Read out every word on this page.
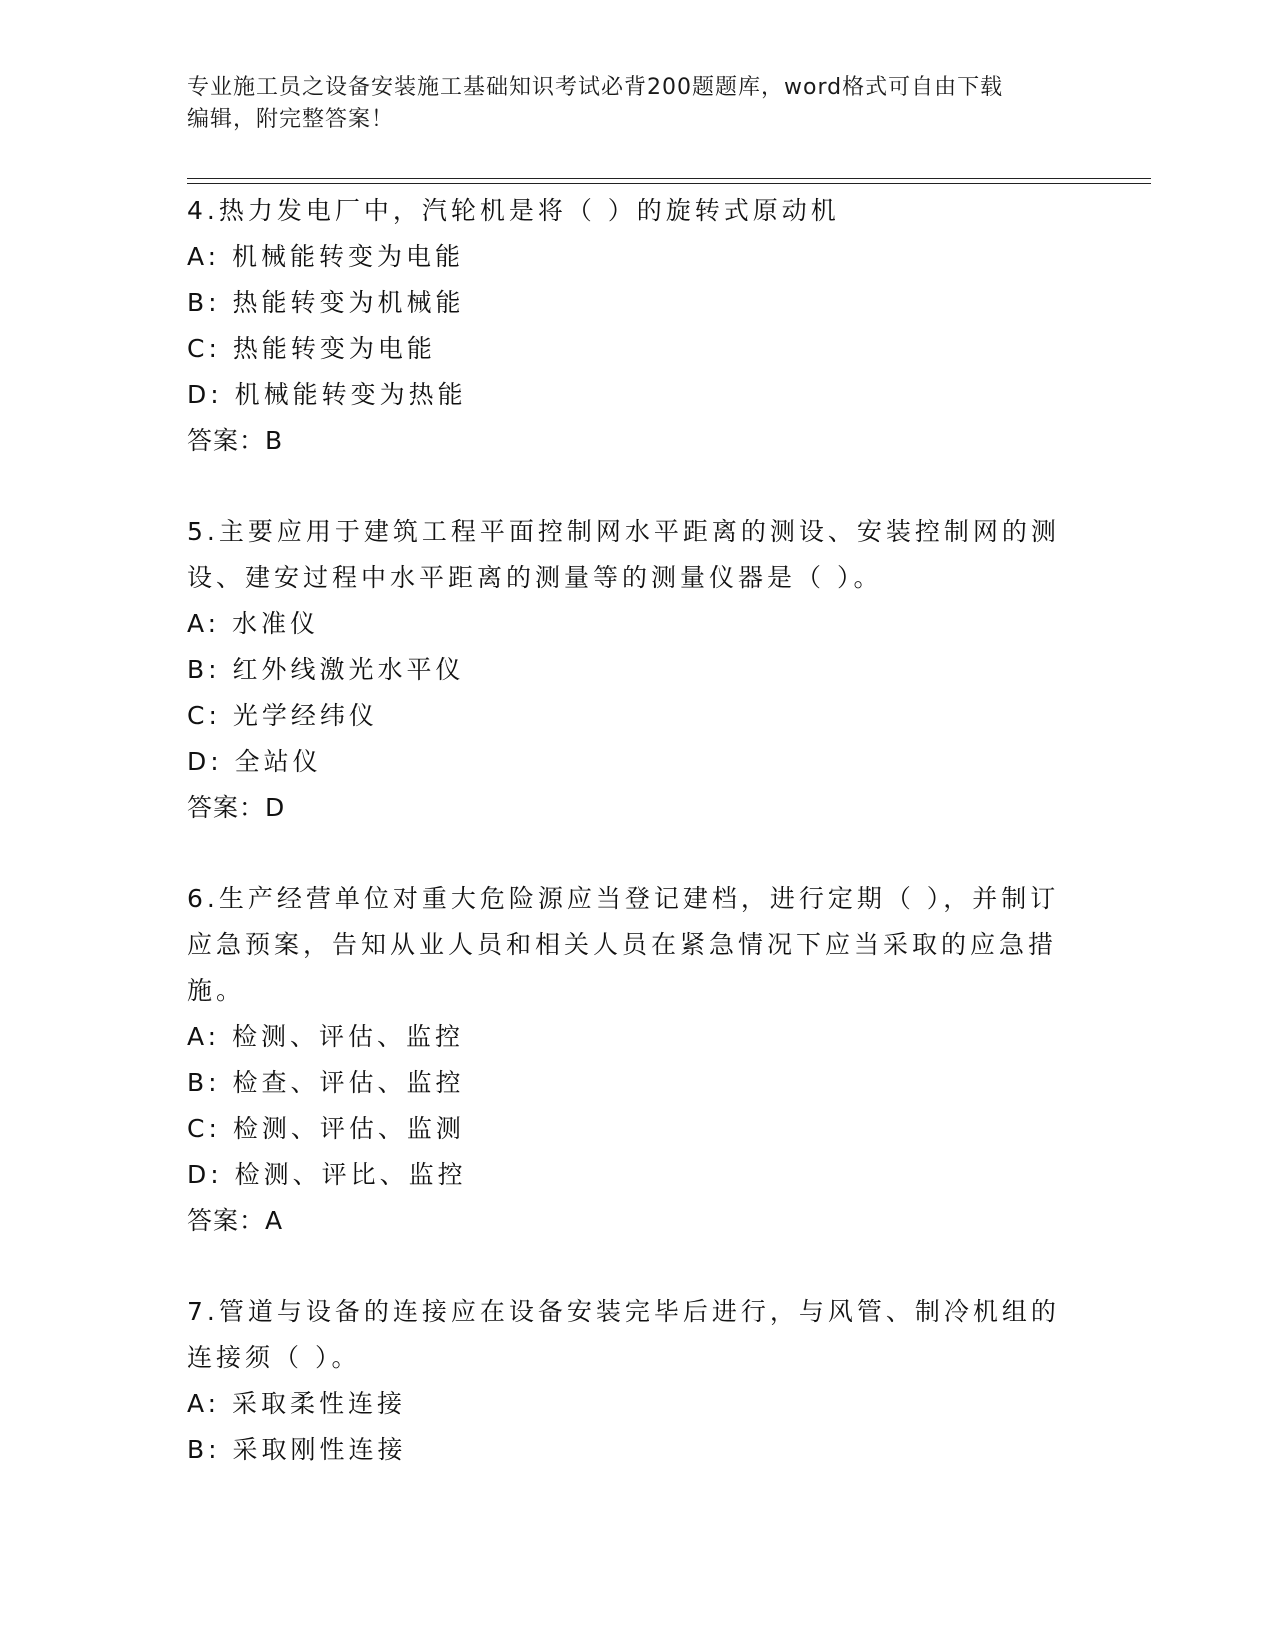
专业施工员之设备安装施工基础知识考试必背200题题库，word格式可自由下载
编辑，附完整答案！

4.热力发电厂中，汽轮机是将（ ）的旋转式原动机

A: 机械能转变为电能

B: 热能转变为机械能

C: 热能转变为电能

D: 机械能转变为热能

答案：B

5.主要应用于建筑工程平面控制网水平距离的测设、安装控制网的测设、建安过程中水平距离的测量等的测量仪器是（ ）。

A: 水准仪

B: 红外线激光水平仪

C: 光学经纬仪

D: 全站仪

答案：D

6.生产经营单位对重大危险源应当登记建档，进行定期（ ），并制订应急预案，告知从业人员和相关人员在紧急情况下应当采取的应急措施。

A: 检测、评估、监控

B: 检查、评估、监控

C: 检测、评估、监测

D: 检测、评比、监控

答案：A

7.管道与设备的连接应在设备安装完毕后进行，与风管、制冷机组的连接须（ ）。

A: 采取柔性连接

B: 采取刚性连接
